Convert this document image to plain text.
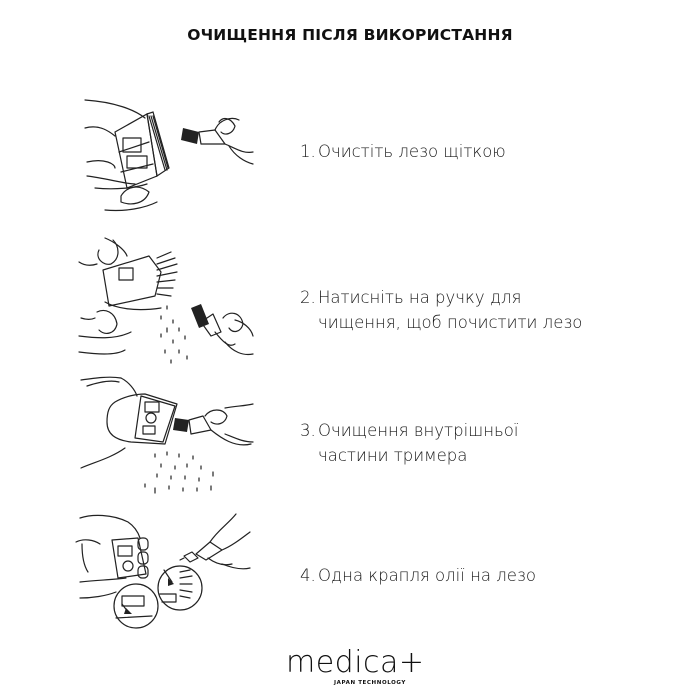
ОЧИЩЕННЯ ПІСЛЯ ВИКОРИСТАННЯ
1. Очистіть лезо щіткою
2. Натисніть на ручку для
чищення, щоб почистити лезо
3. Очищення внутрішньої
частини тримера
4. Одна крапля олії на лезо
medica+
JAPAN TECHNOLOGY
